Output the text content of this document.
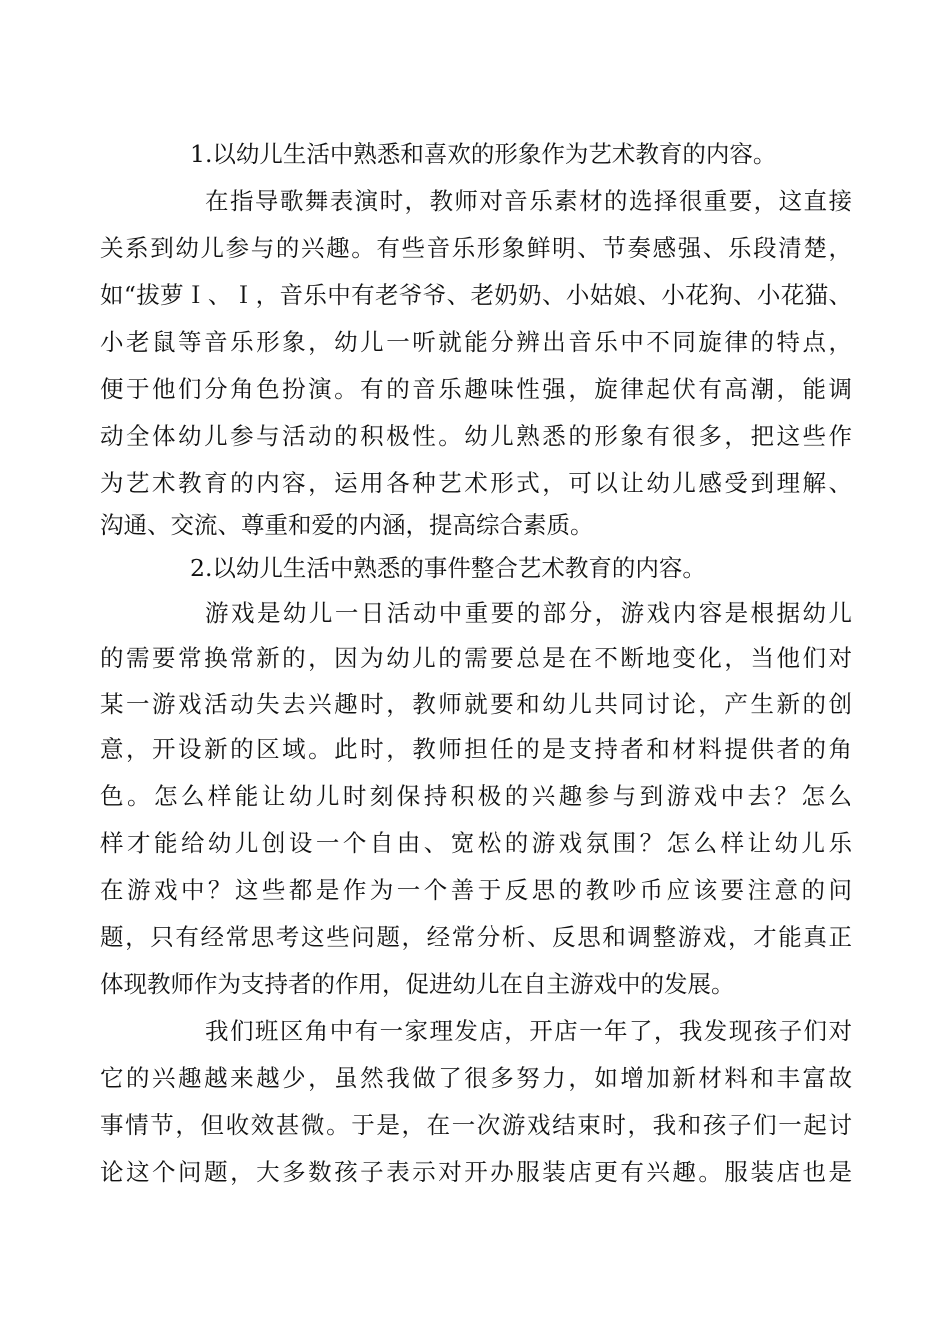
1.以幼儿生活中熟悉和喜欢的形象作为艺术教育的内容。
在指导歌舞表演时，教师对音乐素材的选择很重要，这直接
关系到幼儿参与的兴趣。有些音乐形象鲜明、节奏感强、乐段清楚，
如“拔萝Ｉ、Ｉ，音乐中有老爷爷、老奶奶、小姑娘、小花狗、小花猫、
小老鼠等音乐形象，幼儿一听就能分辨出音乐中不同旋律的特点，
便于他们分角色扮演。有的音乐趣味性强，旋律起伏有高潮，能调
动全体幼儿参与活动的积极性。幼儿熟悉的形象有很多，把这些作
为艺术教育的内容，运用各种艺术形式，可以让幼儿感受到理解、
沟通、交流、尊重和爱的内涵，提高综合素质。
2.以幼儿生活中熟悉的事件整合艺术教育的内容。
游戏是幼儿一日活动中重要的部分，游戏内容是根据幼儿
的需要常换常新的，因为幼儿的需要总是在不断地变化，当他们对
某一游戏活动失去兴趣时，教师就要和幼儿共同讨论，产生新的创
意，开设新的区域。此时，教师担任的是支持者和材料提供者的角
色。怎么样能让幼儿时刻保持积极的兴趣参与到游戏中去？怎么
样才能给幼儿创设一个自由、宽松的游戏氛围？怎么样让幼儿乐
在游戏中？这些都是作为一个善于反思的教吵币应该要注意的问
题，只有经常思考这些问题，经常分析、反思和调整游戏，才能真正
体现教师作为支持者的作用，促进幼儿在自主游戏中的发展。
我们班区角中有一家理发店，开店一年了，我发现孩子们对
它的兴趣越来越少，虽然我做了很多努力，如增加新材料和丰富故
事情节，但收效甚微。于是，在一次游戏结束时，我和孩子们一起讨
论这个问题，大多数孩子表示对开办服装店更有兴趣。服装店也是
